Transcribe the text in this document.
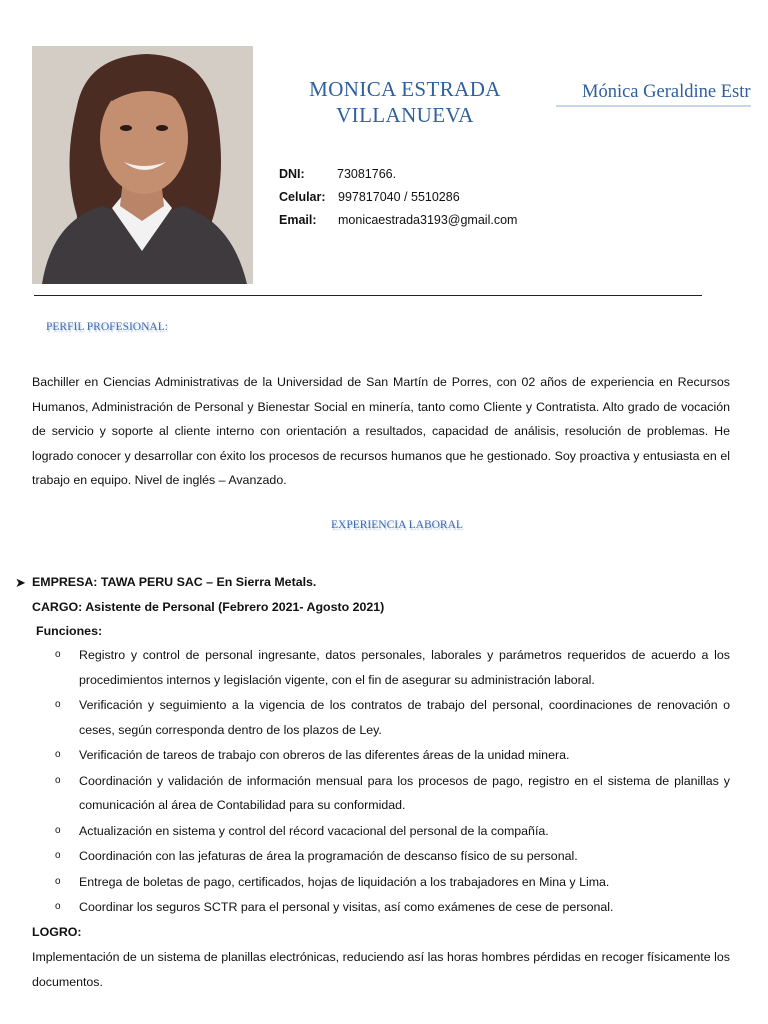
MONICA ESTRADA
VILLANUEVA
Mónica Geraldine Estr
DNI:	73081766.
Celular: 997817040 / 5510286
Email: monicaestrada3193@gmail.com
PERFIL PROFESIONAL:
Bachiller en Ciencias Administrativas de la Universidad de San Martín de Porres, con 02 años de experiencia en Recursos Humanos, Administración de Personal y Bienestar Social en minería, tanto como Cliente y Contratista. Alto grado de vocación de servicio y soporte al cliente interno con orientación a resultados, capacidad de análisis, resolución de problemas. He logrado conocer y desarrollar con éxito los procesos de recursos humanos que he gestionado. Soy proactiva y entusiasta en el trabajo en equipo. Nivel de inglés – Avanzado.
EXPERIENCIA LABORAL
➤ EMPRESA: TAWA PERU SAC – En Sierra Metals.
CARGO: Asistente de Personal (Febrero 2021- Agosto 2021)
Funciones:
o Registro y control de personal ingresante, datos personales, laborales y parámetros requeridos de acuerdo a los procedimientos internos y legislación vigente, con el fin de asegurar su administración laboral.
o Verificación y seguimiento a la vigencia de los contratos de trabajo del personal, coordinaciones de renovación o ceses, según corresponda dentro de los plazos de Ley.
o Verificación de tareos de trabajo con obreros de las diferentes áreas de la unidad minera.
o Coordinación y validación de información mensual para los procesos de pago, registro en el sistema de planillas y comunicación al área de Contabilidad para su conformidad.
o Actualización en sistema y control del récord vacacional del personal de la compañía.
o Coordinación con las jefaturas de área la programación de descanso físico de su personal.
o Entrega de boletas de pago, certificados, hojas de liquidación a los trabajadores en Mina y Lima.
o Coordinar los seguros SCTR para el personal y visitas, así como exámenes de cese de personal.
LOGRO:
Implementación de un sistema de planillas electrónicas, reduciendo así las horas hombres pérdidas en recoger físicamente los documentos.
